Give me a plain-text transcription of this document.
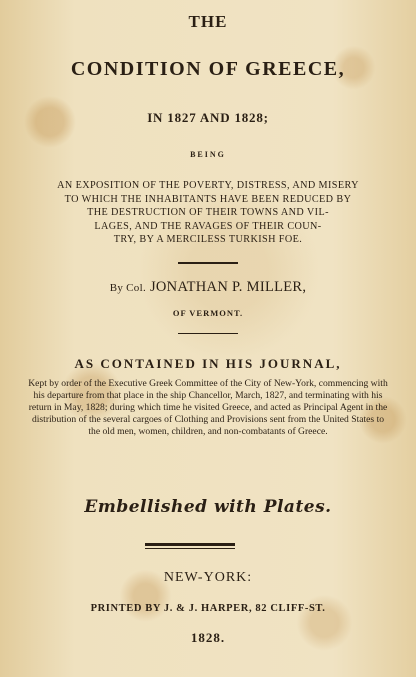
THE
CONDITION OF GREECE,
IN 1827 AND 1828;
BEING
AN EXPOSITION OF THE POVERTY, DISTRESS, AND MISERY
TO WHICH THE INHABITANTS HAVE BEEN REDUCED BY
THE DESTRUCTION OF THEIR TOWNS AND VIL-
LAGES, AND THE RAVAGES OF THEIR COUN-
TRY, BY A MERCILESS TURKISH FOE.
By Col. JONATHAN P. MILLER,
OF VERMONT.
AS CONTAINED IN HIS JOURNAL,
Kept by order of the Executive Greek Committee of the City of New-York, commencing with his departure from that place in the ship Chancellor, March, 1827, and terminating with his return in May, 1828; during which time he visited Greece, and acted as Principal Agent in the distribution of the several cargoes of Clothing and Provisions sent from the United States to the old men, women, children, and non-combatants of Greece.
Embellished with Plates.
NEW-YORK:
PRINTED BY J. & J. HARPER, 82 CLIFF-ST.
1828.
